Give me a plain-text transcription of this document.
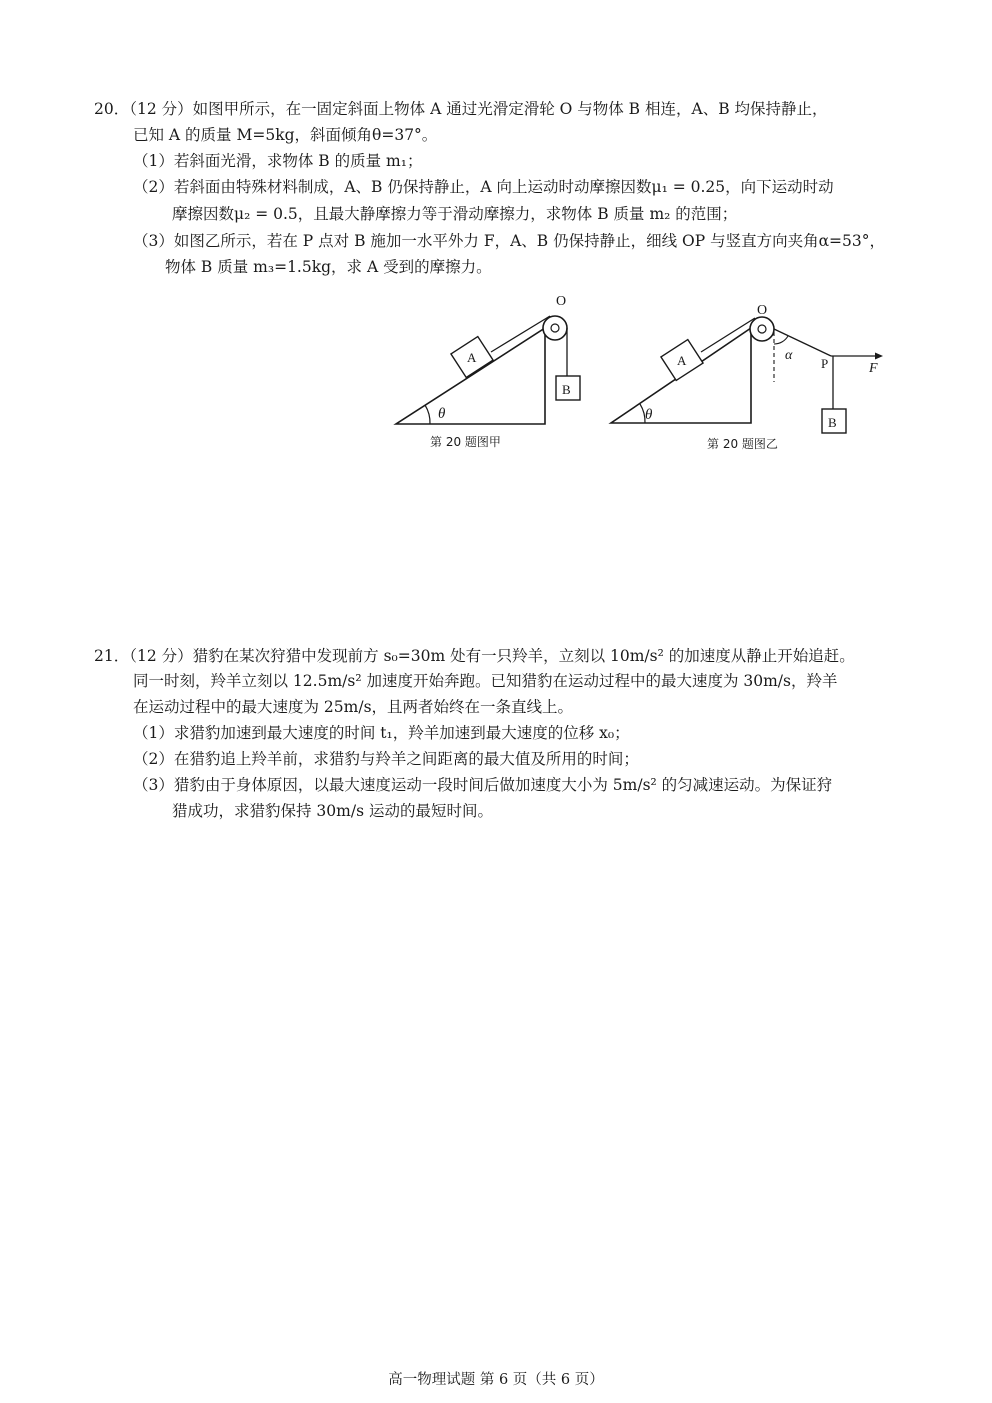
20．（12 分）如图甲所示，在一固定斜面上物体 A 通过光滑定滑轮 O 与物体 B 相连，A、B 均保持静止，
已知 A 的质量 M=5kg，斜面倾角θ=37°。
（1）若斜面光滑，求物体 B 的质量 m₁；
（2）若斜面由特殊材料制成，A、B 仍保持静止，A 向上运动时动摩擦因数μ₁ = 0.25，向下运动时动
摩擦因数μ₂ = 0.5，且最大静摩擦力等于滑动摩擦力，求物体 B 质量 m₂ 的范围；
（3）如图乙所示，若在 P 点对 B 施加一水平外力 F，A、B 仍保持静止，细线 OP 与竖直方向夹角α=53°，
物体 B 质量 m₃=1.5kg，求 A 受到的摩擦力。
θ
A
O
B
第 20 题图甲
θ
A
O
α
P	F
B
第 20 题图乙
21．（12 分）猎豹在某次狩猎中发现前方 s₀=30m 处有一只羚羊，立刻以 10m/s² 的加速度从静止开始追赶。
同一时刻，羚羊立刻以 12.5m/s² 加速度开始奔跑。已知猎豹在运动过程中的最大速度为 30m/s，羚羊
在运动过程中的最大速度为 25m/s，且两者始终在一条直线上。
（1）求猎豹加速到最大速度的时间 t₁，羚羊加速到最大速度的位移 x₀；
（2）在猎豹追上羚羊前，求猎豹与羚羊之间距离的最大值及所用的时间；
（3）猎豹由于身体原因，以最大速度运动一段时间后做加速度大小为 5m/s² 的匀减速运动。为保证狩
猎成功，求猎豹保持 30m/s 运动的最短时间。
高一物理试题 第 6 页（共 6 页）
